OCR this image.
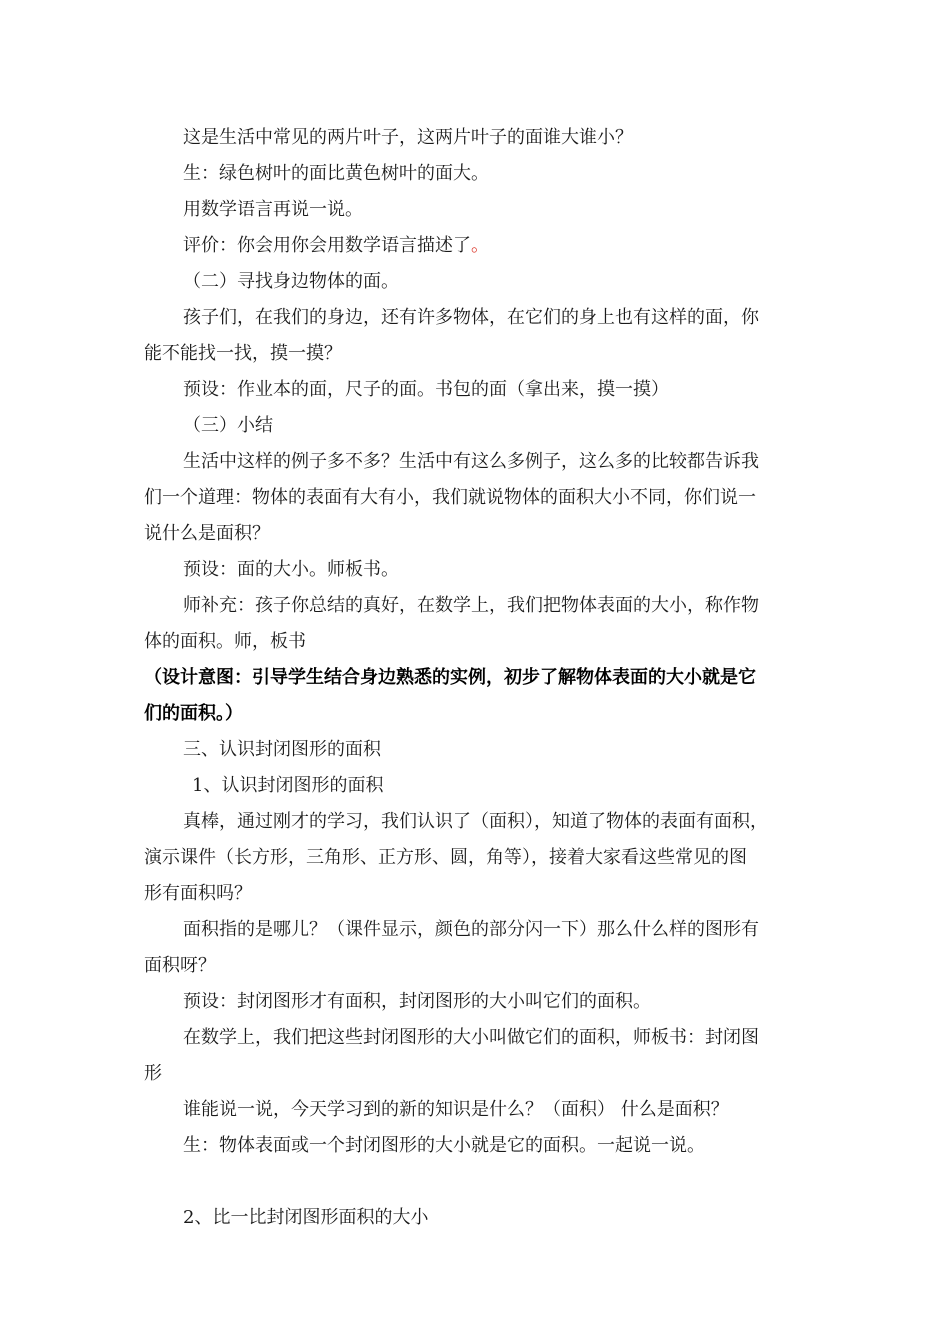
这是生活中常见的两片叶子，这两片叶子的面谁大谁小？
生：绿色树叶的面比黄色树叶的面大。
用数学语言再说一说。
评价：你会用你会用数学语言描述了。
（二）寻找身边物体的面。
孩子们，在我们的身边，还有许多物体，在它们的身上也有这样的面，你
能不能找一找，摸一摸？
预设：作业本的面，尺子的面。书包的面（拿出来，摸一摸）
（三）小结
生活中这样的例子多不多？生活中有这么多例子，这么多的比较都告诉我
们一个道理：物体的表面有大有小，我们就说物体的面积大小不同，你们说一
说什么是面积？
预设：面的大小。师板书。
师补充：孩子你总结的真好，在数学上，我们把物体表面的大小，称作物
体的面积。师，板书
（设计意图：引导学生结合身边熟悉的实例，初步了解物体表面的大小就是它
们的面积。）
三、认识封闭图形的面积
1、认识封闭图形的面积
真棒，通过刚才的学习，我们认识了（面积），知道了物体的表面有面积，
演示课件（长方形，三角形、正方形、圆，角等），接着大家看这些常见的图
形有面积吗？
面积指的是哪儿？（课件显示，颜色的部分闪一下）那么什么样的图形有
面积呀？
预设：封闭图形才有面积，封闭图形的大小叫它们的面积。
在数学上，我们把这些封闭图形的大小叫做它们的面积，师板书：封闭图
形
谁能说一说，今天学习到的新的知识是什么？（面积） 什么是面积？
生：物体表面或一个封闭图形的大小就是它的面积。一起说一说。
2、比一比封闭图形面积的大小
